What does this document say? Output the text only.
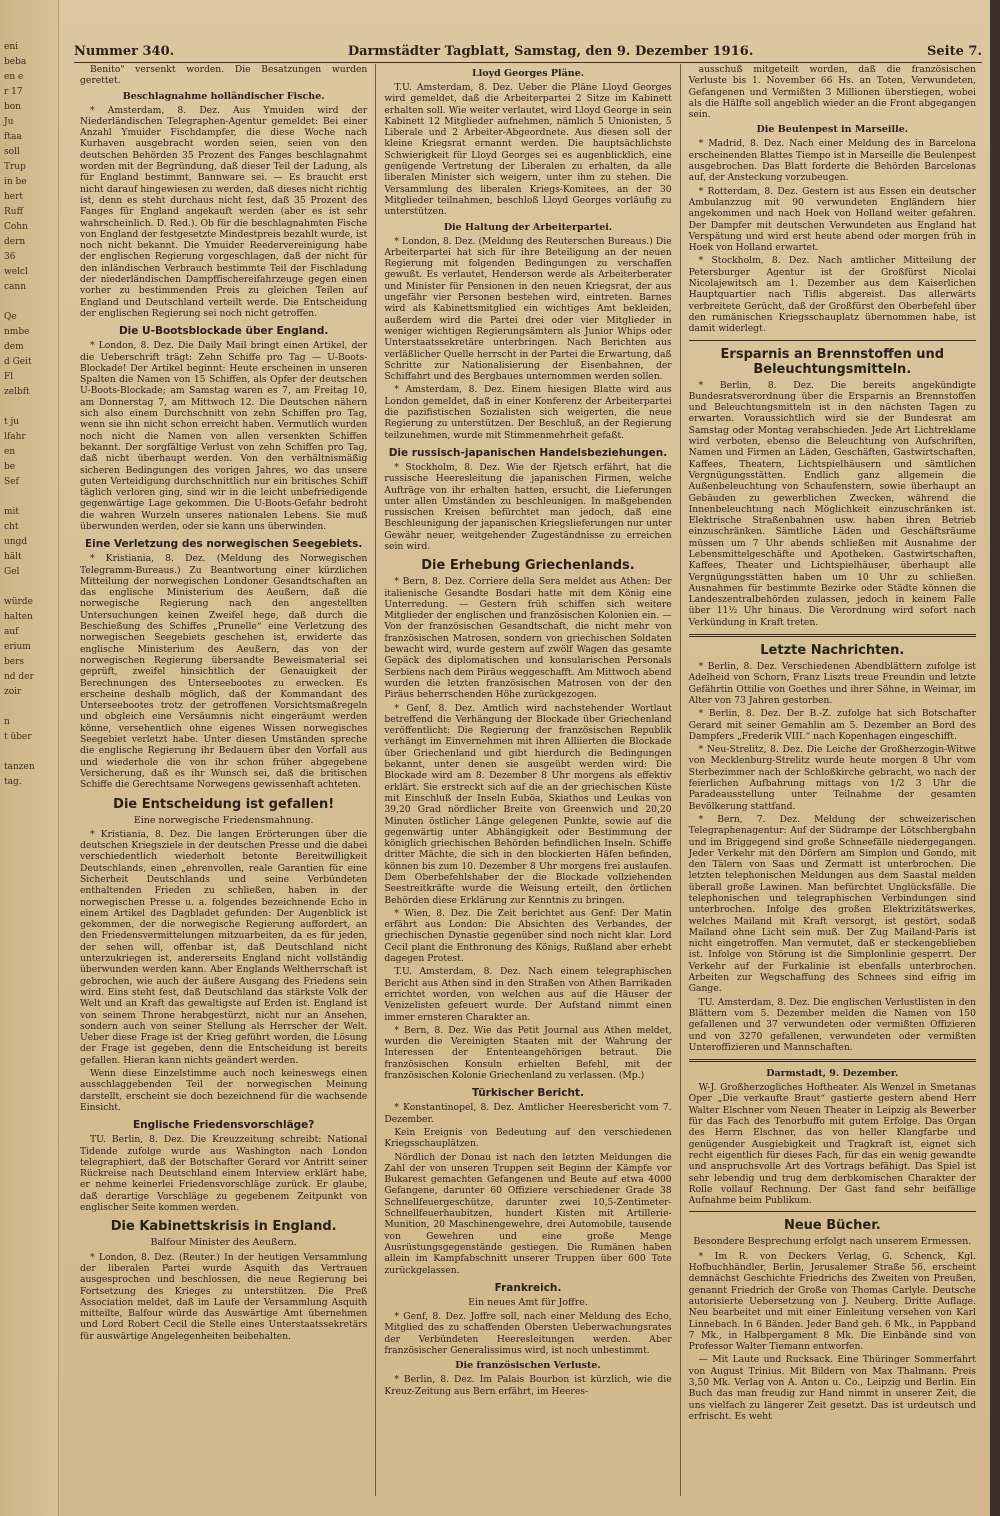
eni
beba
en e
r 17
bon
Ju
ftaa
soll
Trup
in be
hert
Ruff
Cohn
dern
36
welcl
cann

Qe
nmbe
dem
d Geit
Fl
zelbft

t ju
lfahr
en
be
Sef

mit
cht
ungd
hält
Gel

würde
halten
auf
erium
bers
nd der
zoir

n
t über

tanzen
tag.
Nummer 340.	Darmstädter Tagblatt, Samstag, den 9. Dezember 1916.	Seite 7.

Benito" versenkt worden. Die Besatzungen wurden gerettet.

Beschlagnahme holländischer Fische.

* Amsterdam, 8. Dez. Aus Ymuiden wird der Niederländischen Telegraphen-Agentur gemeldet: Bei einer Anzahl Ymuider Fischdampfer, die diese Woche nach Kurhaven ausgebracht worden seien, seien von den deutschen Behörden 35 Prozent des Fanges beschlagnahmt worden mit der Begründung, daß dieser Teil der Ladung, als für England bestimmt, Bannware sei. — Es braucht erst nicht darauf hingewiesen zu werden, daß dieses nicht richtig ist, denn es steht durchaus nicht fest, daß 35 Prozent des Fanges für England angekauft werden (aber es ist sehr wahrscheinlich. D. Red.). Ob für die beschlagnahmten Fische von England der festgesetzte Mindestpreis bezahlt wurde, ist noch nicht bekannt. Die Ymuider Reedervereinigung habe der englischen Regierung vorgeschlagen, daß der nicht für den inländischen Verbrauch bestimmte Teil der Fischladung der niederländischen Dampffischereifahrzeuge gegen einen vorher zu bestimmenden Preis zu gleichen Teilen auf England und Deutschland verteilt werde. Die Entscheidung der englischen Regierung sei noch nicht getroffen.

Die U-Bootsblockade über England.

* London, 8. Dez. Die Daily Mail bringt einen Artikel, der die Ueberschrift trägt: Zehn Schiffe pro Tag — U-Boots-Blockade! Der Artikel beginnt: Heute erscheinen in unseren Spalten die Namen von 15 Schiffen, als Opfer der deutschen U-Boots-Blockade; am Samstag waren es 7, am Freitag 10, am Donnerstag 7, am Mittwoch 12. Die Deutschen nähern sich also einem Durchschnitt von zehn Schiffen pro Tag, wenn sie ihn nicht schon erreicht haben. Vermutlich wurden noch nicht die Namen von allen versenkten Schiffen bekannt. Der sorgfältige Verlust von zehn Schiffen pro Tag, daß nicht überhaupt werden. Von den verhältnismäßig sicheren Bedingungen des vorigen Jahres, wo das unsere guten Verteidigung durchschnittlich nur ein britisches Schiff täglich verloren ging, sind wir in die leicht unbefriedigende gegenwärtige Lage gekommen. Die U-Boots-Gefahr bedroht die wahren Wurzeln unseres nationalen Lebens. Sie muß überwunden werden, oder sie kann uns überwinden.

Eine Verletzung des norwegischen Seegebiets.

* Kristiania, 8. Dez. (Meldung des Norwegischen Telegramm-Bureaus.) Zu Beantwortung einer kürzlichen Mitteilung der norwegischen Londoner Gesandtschaften an das englische Ministerium des Aeußern, daß die norwegische Regierung nach den angestellten Untersuchungen keinen Zweifel hege, daß durch die Beschießung des Schiffes „Prunelle“ eine Verletzung des norwegischen Seegebiets geschehen ist, erwiderte das englische Ministerium des Aeußern, das von der norwegischen Regierung übersandte Beweismaterial sei geprüft, zweifel hinsichtlich der Genauigkeit der Berechnungen des Unterseebootes zu erwecken. Es erscheine deshalb möglich, daß der Kommandant des Unterseebootes trotz der getroffenen Vorsichtsmaßregeln und obgleich eine Versäumnis nicht eingeräumt werden könne, versehentlich ohne eigenes Wissen norwegisches Seegebiet verletzt habe. Unter diesen Umständen spreche die englische Regierung ihr Bedauern über den Vorfall aus und wiederhole die von ihr schon früher abgegebene Versicherung, daß es ihr Wunsch sei, daß die britischen Schiffe die Gerechtsame Norwegens gewissenhaft achteten.

Die Entscheidung ist gefallen!

Eine norwegische Friedensmahnung.

* Kristiania, 8. Dez. Die langen Erörterungen über die deutschen Kriegsziele in der deutschen Presse und die dabei verschiedentlich wiederholt betonte Bereitwilligkeit Deutschlands, einen „ehrenvollen, reale Garantien für eine Sicherheit Deutschlands und seine Verbündeten enthaltenden Frieden zu schließen, haben in der norwegischen Presse u. a. folgendes bezeichnende Echo in einem Artikel des Dagbladet gefunden: Der Augenblick ist gekommen, der die norwegische Regierung auffordert, an den Friedensvermittelungen mitzuarbeiten, da es für jeden, der sehen will, offenbar ist, daß Deutschland nicht unterzukriegen ist, andererseits England nicht vollständig überwunden werden kann. Aber Englands Weltherrschaft ist gebrochen, wie auch der äußere Ausgang des Friedens sein wird. Eins steht fest, daß Deutschland das stärkste Volk der Welt und an Kraft das gewaltigste auf Erden ist. England ist von seinem Throne herabgestürzt, nicht nur an Ansehen, sondern auch von seiner Stellung als Herrscher der Welt. Ueber diese Frage ist der Krieg geführt worden, die Lösung der Frage ist gegeben, denn die Entscheidung ist bereits gefallen. Hieran kann nichts geändert werden.

Wenn diese Einzelstimme auch noch keineswegs einen ausschlaggebenden Teil der norwegischen Meinung darstellt, erscheint sie doch bezeichnend für die wachsende Einsicht.

Englische Friedensvorschläge?

TU. Berlin, 8. Dez. Die Kreuzzeitung schreibt: National Tidende zufolge wurde aus Washington nach London telegraphiert, daß der Botschafter Gerard vor Antritt seiner Rückreise nach Deutschland einem Interview erklärt habe, er nehme keinerlei Friedensvorschläge zurück. Er glaube, daß derartige Vorschläge zu gegebenem Zeitpunkt von englischer Seite kommen werden.

Die Kabinettskrisis in England.

Balfour Minister des Aeußern.

* London, 8. Dez. (Reuter.) In der heutigen Versammlung der liberalen Partei wurde Asquith das Vertrauen ausgesprochen und beschlossen, die neue Regierung bei Fortsetzung des Krieges zu unterstützen. Die Preß Association meldet, daß im Laufe der Versammlung Asquith mitteilte, Balfour würde das Auswärtige Amt übernehmen und Lord Robert Cecil die Stelle eines Unterstaatssekretärs für auswärtige Angelegenheiten beibehalten.

Lloyd Georges Pläne.

T.U. Amsterdam, 8. Dez. Ueber die Pläne Lloyd Georges wird gemeldet, daß die Arbeiterpartei 2 Sitze im Kabinett erhalten soll. Wie weiter verlautet, wird Lloyd George in sein Kabinett 12 Mitglieder aufnehmen, nämlich 5 Unionisten, 5 Liberale und 2 Arbeiter-Abgeordnete. Aus diesen soll der kleine Kriegsrat ernannt werden. Die hauptsächlichste Schwierigkeit für Lloyd Georges sei es augenblicklich, eine genügende Vertretung der Liberalen zu erhalten, da alle liberalen Minister sich weigern, unter ihm zu stehen. Die Versammlung des liberalen Kriegs-Komitees, an der 30 Mitglieder teilnahmen, beschloß Lloyd Georges vorläufig zu unterstützen.

Die Haltung der Arbeiterpartei.

* London, 8. Dez. (Meldung des Reuterschen Bureaus.) Die Arbeiterpartei hat sich für ihre Beteiligung an der neuen Regierung mit folgenden Bedingungen zu verschaffen gewußt. Es verlautet, Henderson werde als Arbeiterberater und Minister für Pensionen in den neuen Kriegsrat, der aus ungefähr vier Personen bestehen wird, eintreten. Barnes wird als Kabinettsmitglied ein wichtiges Amt bekleiden, außerdem wird die Partei drei oder vier Mitglieder in weniger wichtigen Regierungsämtern als Junior Whips oder Unterstaatssekretäre unterbringen. Nach Berichten aus verläßlicher Quelle herrscht in der Partei die Erwartung, daß Schritte zur Nationalisierung der Eisenbahnen, der Schiffahrt und des Bergbaues unternommen werden sollen.

* Amsterdam, 8. Dez. Einem hiesigen Blatte wird aus London gemeldet, daß in einer Konferenz der Arbeiterpartei die pazifistischen Sozialisten sich weigerten, die neue Regierung zu unterstützen. Der Beschluß, an der Regierung teilzunehmen, wurde mit Stimmenmehrheit gefaßt.

Die russisch-japanischen Handelsbeziehungen.

* Stockholm, 8. Dez. Wie der Rjetsch erfährt, hat die russische Heeresleitung die japanischen Firmen, welche Aufträge von ihr erhalten hatten, ersucht, die Lieferungen unter allen Umständen zu beschleunigen. In maßgebenden russischen Kreisen befürchtet man jedoch, daß eine Beschleunigung der japanischen Kriegslieferungen nur unter Gewähr neuer, weitgehender Zugeständnisse zu erreichen sein wird.

Die Erhebung Griechenlands.

* Bern, 8. Dez. Corriere della Sera meldet aus Athen: Der italienische Gesandte Bosdari hatte mit dem König eine Unterredung. — Gestern früh schiffen sich weitere Mitglieder der englischen und französischen Kolonien ein. — Von der französischen Gesandtschaft, die nicht mehr von französischen Matrosen, sondern von griechischen Soldaten bewacht wird, wurde gestern auf zwölf Wagen das gesamte Gepäck des diplomatischen und konsularischen Personals Serbiens nach dem Piräus weggeschafft. Am Mittwoch abend wurden die letzten französischen Matrosen von der den Piräus beherrschenden Höhe zurückgezogen.

* Genf, 8. Dez. Amtlich wird nachstehender Wortlaut betreffend die Verhängung der Blockade über Griechenland veröffentlicht: Die Regierung der französischen Republik verhängt im Einvernehmen mit ihren Alliierten die Blockade über Griechenland und gibt hierdurch die Bedingungen bekannt, unter denen sie ausgeübt werden wird: Die Blockade wird am 8. Dezember 8 Uhr morgens als effektiv erklärt. Sie erstreckt sich auf die an der griechischen Küste mit Einschluß der Inseln Euböa, Skiathos und Leukas von 39,20 Grad nördlicher Breite von Greenwich und 20,20 Minuten östlicher Länge gelegenen Punkte, sowie auf die gegenwärtig unter Abhängigkeit oder Bestimmung der königlich griechischen Behörden befindlichen Inseln. Schiffe dritter Mächte, die sich in den blockierten Häfen befinden, können bis zum 10. Dezember 8 Uhr morgens frei auslaufen. Dem Oberbefehlshaber der die Blockade vollziehenden Seestreitkräfte wurde die Weisung erteilt, den örtlichen Behörden diese Erklärung zur Kenntnis zu bringen.

* Wien, 8. Dez. Die Zeit berichtet aus Genf: Der Matin erfährt aus London: Die Absichten des Verbandes, der griechischen Dynastie gegenüber sind noch nicht klar. Lord Cecil plant die Enthronung des Königs, Rußland aber erhebt dagegen Protest.

T.U. Amsterdam, 8. Dez. Nach einem telegraphischen Bericht aus Athen sind in den Straßen von Athen Barrikaden errichtet worden, von welchen aus auf die Häuser der Venizelisten gefeuert wurde. Der Aufstand nimmt einen immer ernsteren Charakter an.

* Bern, 8. Dez. Wie das Petit Journal aus Athen meldet, wurden die Vereinigten Staaten mit der Wahrung der Interessen der Ententeangehörigen betraut. Die französischen Konsuln erhielten Befehl, mit der französischen Kolonie Griechenland zu verlassen. (Mp.)

Türkischer Bericht.

* Konstantinopel, 8. Dez. Amtlicher Heeresbericht vom 7. Dezember.

Kein Ereignis von Bedeutung auf den verschiedenen Kriegsschauplätzen.

Nördlich der Donau ist nach den letzten Meldungen die Zahl der von unseren Truppen seit Beginn der Kämpfe vor Bukarest gemachten Gefangenen und Beute auf etwa 4000 Gefangene, darunter 60 Offiziere verschiedener Grade 38 Schnellfeuergeschütze, darunter zwei 10,5-Zentimeter-Schnellfeuerhaubitzen, hundert Kisten mit Artillerie-Munition, 20 Maschinengewehre, drei Automobile, tausende von Gewehren und eine große Menge Ausrüstungsgegenstände gestiegen. Die Rumänen haben allein im Kampfabschnitt unserer Truppen über 600 Tote zurückgelassen.

Frankreich.

Ein neues Amt für Joffre.

* Genf, 8. Dez. Joffre soll, nach einer Meldung des Echo, Mitglied des zu schaffenden Obersten Ueberwachungsrates der Verbündeten Heeresleitungen werden. Aber französischer Generalissimus wird, ist noch unbestimmt.

Die französischen Verluste.

* Berlin, 8. Dez. Im Palais Bourbon ist kürzlich, wie die Kreuz-Zeitung aus Bern erfährt, im Heeres-

ausschuß mitgeteilt worden, daß die französischen Verluste bis 1. November 66 Hs. an Toten, Verwundeten, Gefangenen und Vermißten 3 Millionen überstiegen, wobei als die Hälfte soll angeblich wieder an die Front abgegangen sein.

Die Beulenpest in Marseille.

* Madrid, 8. Dez. Nach einer Meldung des in Barcelona erscheinenden Blattes Tiempo ist in Marseille die Beulenpest ausgebrochen. Das Blatt forderte die Behörden Barcelonas auf, der Ansteckung vorzubeugen.

* Rotterdam, 8. Dez. Gestern ist aus Essen ein deutscher Ambulanzzug mit 90 verwundeten Engländern hier angekommen und nach Hoek von Holland weiter gefahren. Der Dampfer mit deutschen Verwundeten aus England hat Verspätung und wird erst heute abend oder morgen früh in Hoek von Holland erwartet.

* Stockholm, 8. Dez. Nach amtlicher Mitteilung der Petersburger Agentur ist der Großfürst Nicolai Nicolajewitsch am 1. Dezember aus dem Kaiserlichen Hauptquartier nach Tiflis abgereist. Das allerwärts verbreitete Gerücht, daß der Großfürst den Oberbefehl über den rumänischen Kriegsschauplatz übernommen habe, ist damit widerlegt.

Ersparnis an Brennstoffen und Beleuchtungsmitteln.

* Berlin, 8. Dez. Die bereits angekündigte Bundesratsverordnung über die Ersparnis an Brennstoffen und Beleuchtungsmitteln ist in den nächsten Tagen zu erwarten. Voraussichtlich wird sie der Bundesrat am Samstag oder Montag verabschieden. Jede Art Lichtreklame wird verboten, ebenso die Beleuchtung von Aufschriften, Namen und Firmen an Läden, Geschäften, Gastwirtschaften, Kaffees, Theatern, Lichtspielhäusern und sämtlichen Vergnügungsstätten. Endlich ganz allgemein die Außenbeleuchtung von Schaufenstern, sowie überhaupt an Gebäuden zu gewerblichen Zwecken, während die Innenbeleuchtung nach Möglichkeit einzuschränken ist. Elektrische Straßenbahnen usw. haben ihren Betrieb einzuschränken. Sämtliche Läden und Geschäftsräume müssen um 7 Uhr abends schließen mit Ausnahme der Lebensmittelgeschäfte und Apotheken. Gastwirtschaften, Kaffees, Theater und Lichtspielhäuser, überhaupt alle Vergnügungsstätten haben um 10 Uhr zu schließen. Ausnahmen für bestimmte Bezirke oder Städte können die Landeszentralbehörden zulassen, jedoch in keinem Falle über 11½ Uhr hinaus. Die Verordnung wird sofort nach Verkündung in Kraft treten.

Letzte Nachrichten.

* Berlin, 8. Dez. Verschiedenen Abendblättern zufolge ist Adelheid von Schorn, Franz Liszts treue Freundin und letzte Gefährtin Ottilie von Goethes und ihrer Söhne, in Weimar, im Alter von 73 Jahren gestorben.

* Berlin, 8. Dez. Der B.-Z. zufolge hat sich Botschafter Gerard mit seiner Gemahlin am 5. Dezember an Bord des Dampfers „Frederik VIII.“ nach Kopenhagen eingeschifft.

* Neu-Strelitz, 8. Dez. Die Leiche der Großherzogin-Witwe von Mecklenburg-Strelitz wurde heute morgen 8 Uhr vom Sterbezimmer nach der Schloßkirche gebracht, wo nach der feierlichen Aufbahrung mittags von 1/2 3 Uhr die Paradeausstellung unter Teilnahme der gesamten Bevölkerung stattfand.

* Bern, 7. Dez. Meldung der schweizerischen Telegraphenagentur: Auf der Südrampe der Lötschbergbahn und im Briggegend sind große Schneefälle niedergegangen. Jeder Verkehr mit den Dörfern am Simplon und Gondo, mit den Tälern von Saas und Zermatt ist unterbrochen. Die letzten telephonischen Meldungen aus dem Saastal melden überall große Lawinen. Man befürchtet Unglücksfälle. Die telephonischen und telegraphischen Verbindungen sind unterbrochen. Infolge des großen Elektrizitätswerkes, welches Mailand mit Kraft versorgt, ist gestört, sodaß Mailand ohne Licht sein muß. Der Zug Mailand-Paris ist nicht eingetroffen. Man vermutet, daß er steckengeblieben ist. Infolge von Störung ist die Simplonlinie gesperrt. Der Verkehr auf der Furkalinie ist ebenfalls unterbrochen. Arbeiten zur Wegschaffung des Schnees sind eifrig im Gange.

TU. Amsterdam, 8. Dez. Die englischen Verlustlisten in den Blättern vom 5. Dezember melden die Namen von 150 gefallenen und 37 verwundeten oder vermißten Offizieren und von 3270 gefallenen, verwundeten oder vermißten Unteroffizieren und Mannschaften.

Darmstadt, 9. Dezember.

W-J. Großherzogliches Hoftheater. Als Wenzel in Smetanas Oper „Die verkaufte Braut“ gastierte gestern abend Herr Walter Elschner vom Neuen Theater in Leipzig als Bewerber für das Fach des Tenorbuffo mit gutem Erfolge. Das Organ des Herrn Elschner, das von heller Klangfarbe und genügender Ausgiebigkeit und Tragkraft ist, eignet sich recht eigentlich für dieses Fach, für das ein wenig gewandte und anspruchsvolle Art des Vortrags befähigt. Das Spiel ist sehr lebendig und trug dem derbkomischen Charakter der Rolle vollauf Rechnung. Der Gast fand sehr beifällige Aufnahme beim Publikum.

Neue Bücher.

Besondere Besprechung erfolgt nach unserem Ermessen.

* Im R. von Deckers Verlag, G. Schenck, Kgl. Hofbuchhändler, Berlin, Jerusalemer Straße 56, erscheint demnächst Geschichte Friedrichs des Zweiten von Preußen, genannt Friedrich der Große von Thomas Carlyle. Deutsche autorisierte Uebersetzung von J. Neuberg. Dritte Auflage. Neu bearbeitet und mit einer Einleitung versehen von Karl Linnebach. In 6 Bänden. Jeder Band geh. 6 Mk., in Pappband 7 Mk., in Halbpergament 8 Mk. Die Einbände sind von Professor Walter Tiemann entworfen.

— Mit Laute und Rucksack. Eine Thüringer Sommerfahrt von August Trinius. Mit Bildern von Max Thalmann. Preis 3,50 Mk. Verlag von A. Anton u. Co., Leipzig und Berlin. Ein Buch das man freudig zur Hand nimmt in unserer Zeit, die uns vielfach zu längerer Zeit gesetzt. Das ist urdeutsch und erfrischt. Es weht
